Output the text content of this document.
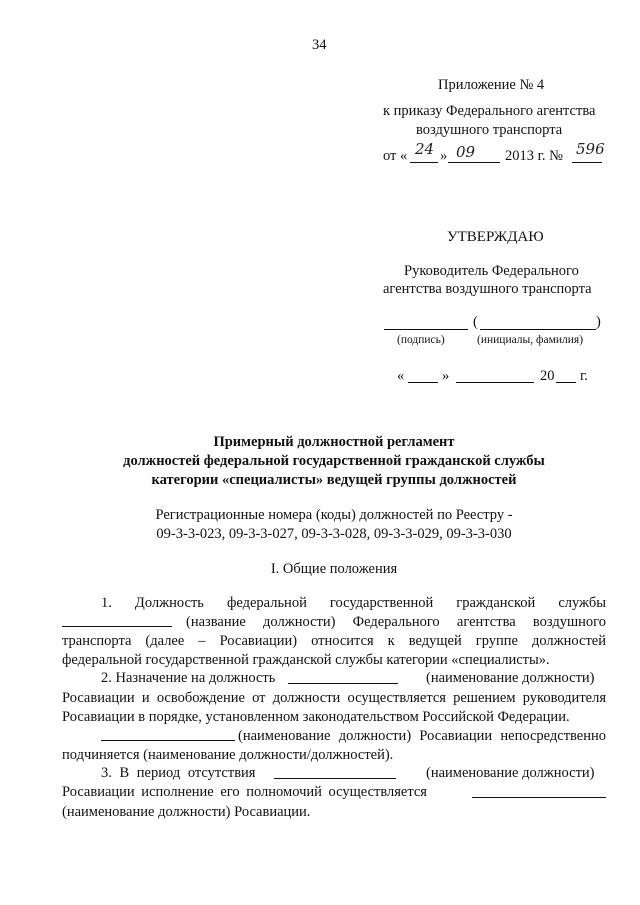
34
Приложение № 4
к приказу Федерального агентства
воздушного транспорта
от « 24 » 09 2013 г. № 596
УТВЕРЖДАЮ
Руководитель Федерального
агентства воздушного транспорта
(	)
(подпись)	(инициалы, фамилия)
«	»	20 г.
Примерный должностной регламент
должностей федеральной государственной гражданской службы
категории «специалисты» ведущей группы должностей
Регистрационные номера (коды) должностей по Реестру -
09-3-3-023, 09-3-3-027, 09-3-3-028, 09-3-3-029, 09-3-3-030
I. Общие положения
1. Должность федеральной государственной гражданской службы
(название должности) Федерального агентства воздушного
транспорта (далее – Росавиации) относится к ведущей группе должностей
федеральной государственной гражданской службы категории «специалисты».
2. Назначение на должность	(наименование должности)
Росавиации и освобождение от должности осуществляется решением руководителя
Росавиации в порядке, установленном законодательством Российской Федерации.
(наименование должности) Росавиации непосредственно
подчиняется (наименование должности/должностей).
3. В период отсутствия	(наименование должности)
Росавиации исполнение его полномочий осуществляется
(наименование должности) Росавиации.
